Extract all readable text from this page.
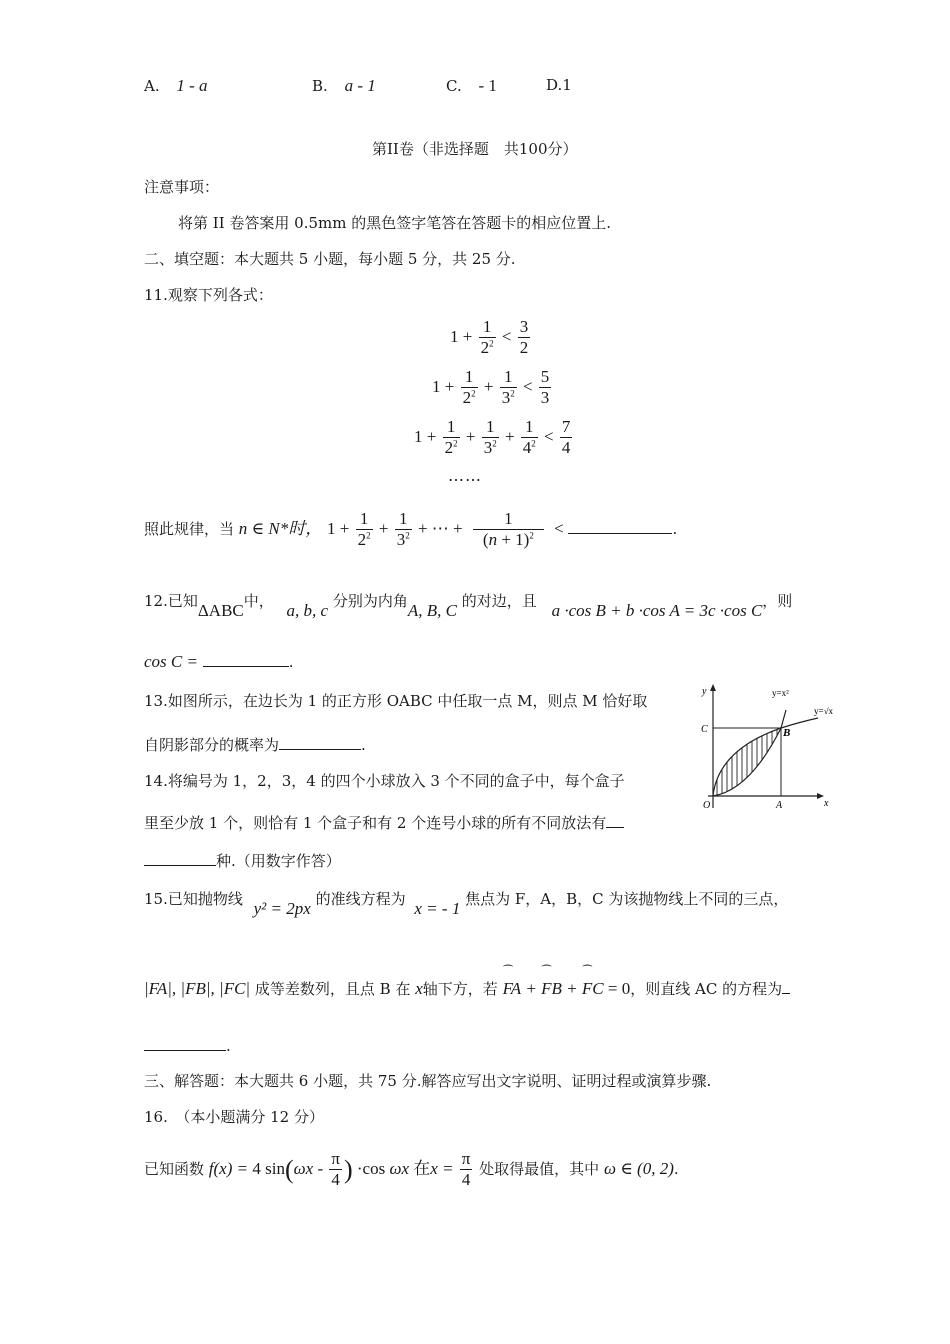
A. 1 - a	B. a - 1	C. - 1	D.1
第II卷（非选择题　共100分）
注意事项：
将第 II 卷答案用 0.5mm 的黑色签字笔答在答题卡的相应位置上.
二、填空题：本大题共 5 小题，每小题 5 分，共 25 分.
11.观察下列各式：
$1 + \frac{1}{2^2} < \frac{3}{2}$
$1 + \frac{1}{2^2} + \frac{1}{3^2} < \frac{5}{3}$
$1 + \frac{1}{2^2} + \frac{1}{3^2} + \frac{1}{4^2} < \frac{7}{4}$
……
照此规律，当 n ∈ N*时， $1 + \frac{1}{2^2} + \frac{1}{3^2}$ + ⋯ + $\frac{1}{(n + 1)^2}$ <	.
12.已知ΔABC中， a, b, c 分别为内角A, B, C 的对边，且 a ·cos B + b ·cos A = 3c ·cos C，则
cos C =	.
13.如图所示，在边长为 1 的正方形 OABC 中任取一点 M，则点 M 恰好取
自阴影部分的概率为	.
y
x
O	A
B
C
y=x²
y=√x
14.将编号为 1，2，3，4 的四个小球放入 3 个不同的盒子中，每个盒子
里至少放 1 个，则恰有 1 个盒子和有 2 个连号小球的所有不同放法有
种.（用数字作答）
15.已知抛物线 y² = 2px 的准线方程为 x = - 1 焦点为 F，A，B，C 为该抛物线上不同的三点，
|FA|, |FB|, |FC| 成等差数列，且点 B 在 x轴下方，若 ⁀ FA + ⁀ FB + ⁀ FC = 0，则直线 AC 的方程为
.
三、解答题：本大题共 6 小题，共 75 分.解答应写出文字说明、证明过程或演算步骤.
16.　（本小题满分 12 分）
已知函数 f(x) = 4 $\sin(\omega x - \frac{\pi}{4}$ ) ·cos ωx 在$x = \frac{\pi}{4}$ 处取得最值，其中 ω ∈ (0, 2).
